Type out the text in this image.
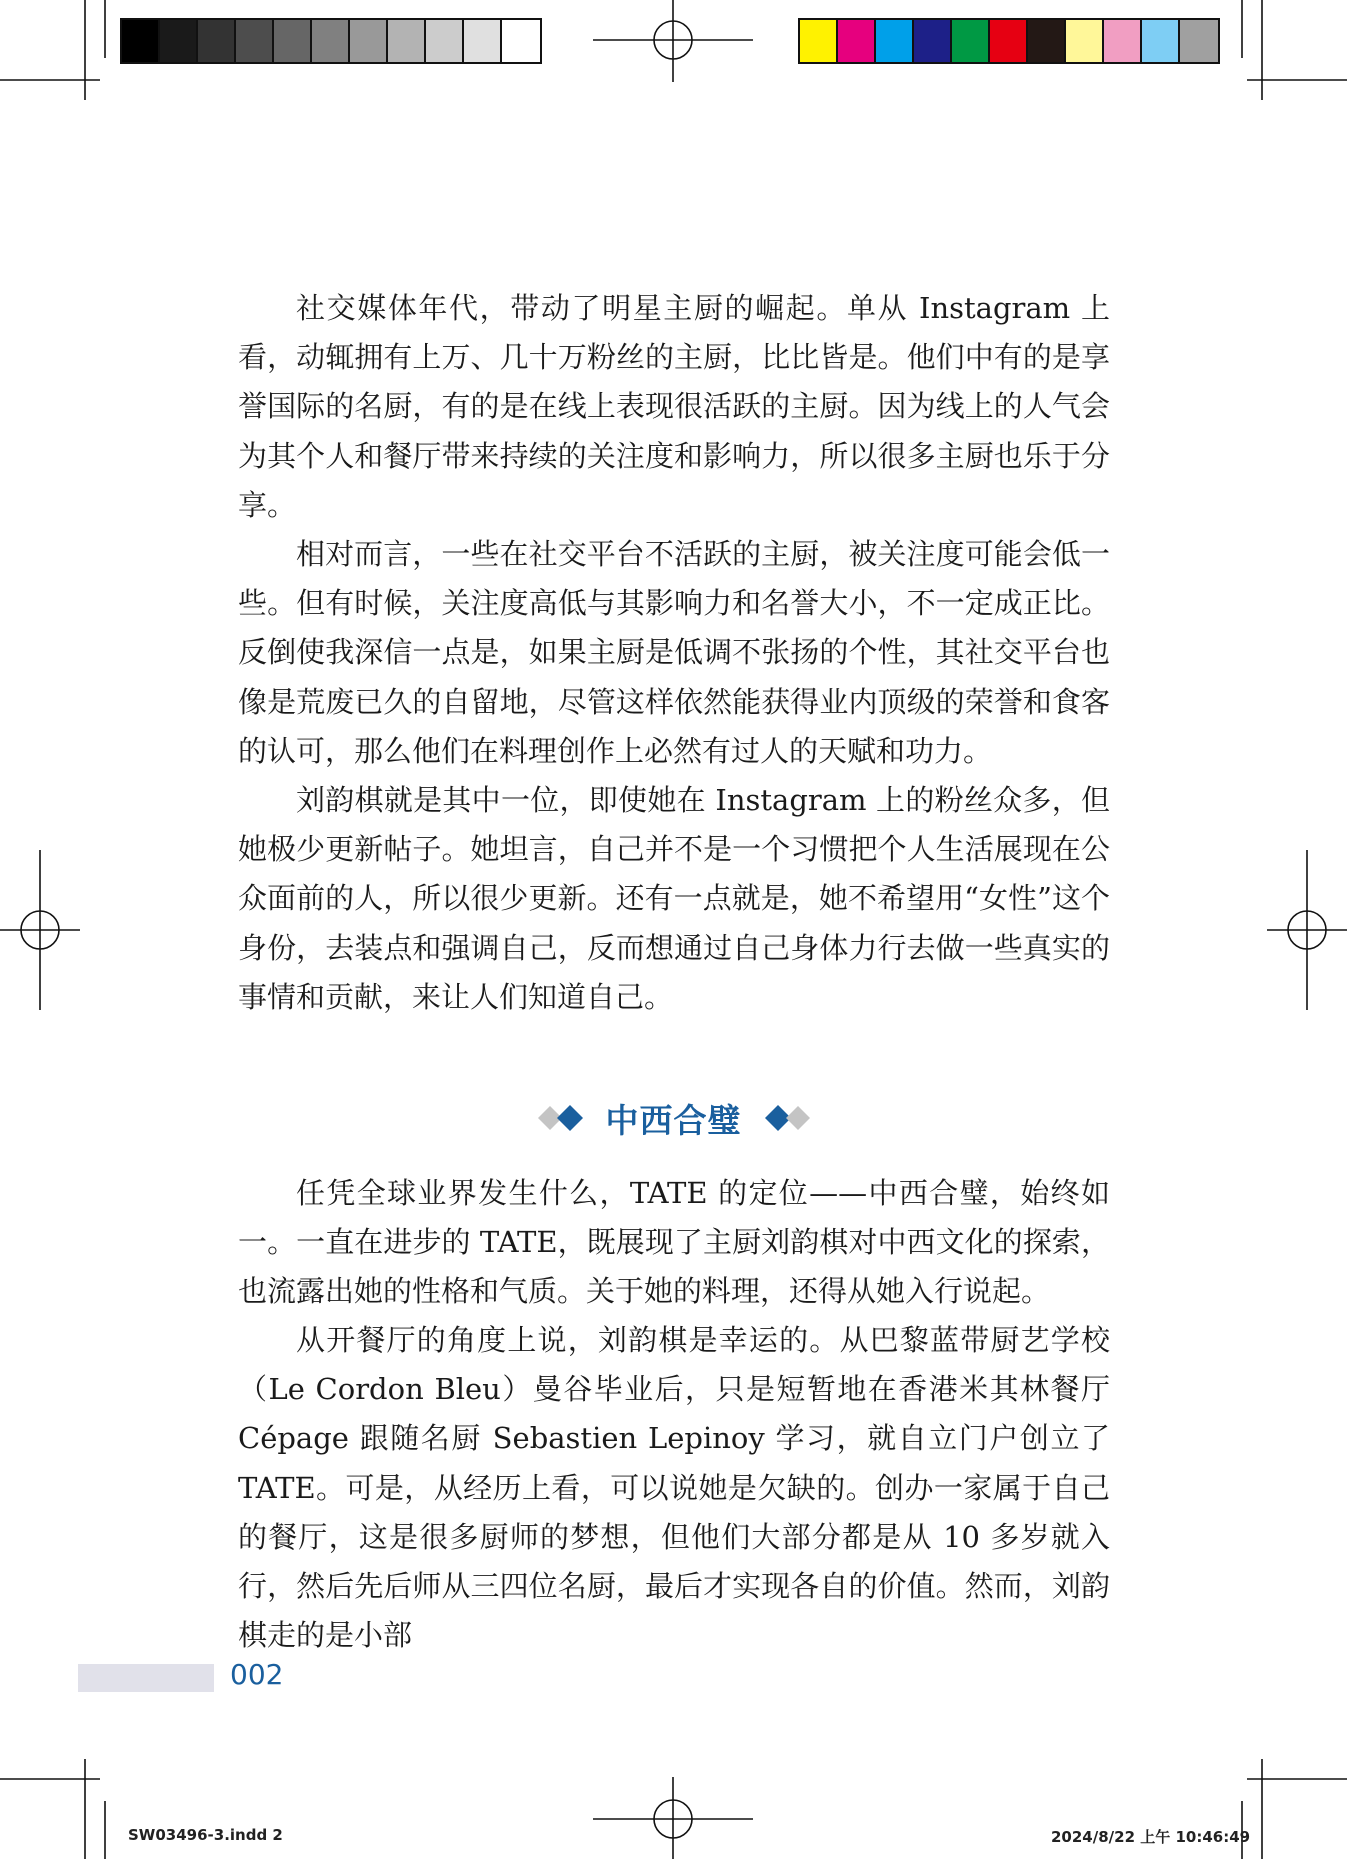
社交媒体年代，带动了明星主厨的崛起。单从 Instagram 上看，动辄拥有上万、几十万粉丝的主厨，比比皆是。他们中有的是享誉国际的名厨，有的是在线上表现很活跃的主厨。因为线上的人气会为其个人和餐厅带来持续的关注度和影响力，所以很多主厨也乐于分享。

相对而言，一些在社交平台不活跃的主厨，被关注度可能会低一些。但有时候，关注度高低与其影响力和名誉大小，不一定成正比。反倒使我深信一点是，如果主厨是低调不张扬的个性，其社交平台也像是荒废已久的自留地，尽管这样依然能获得业内顶级的荣誉和食客的认可，那么他们在料理创作上必然有过人的天赋和功力。

刘韵棋就是其中一位，即使她在 Instagram 上的粉丝众多，但她极少更新帖子。她坦言，自己并不是一个习惯把个人生活展现在公众面前的人，所以很少更新。还有一点就是，她不希望用“女性”这个身份，去装点和强调自己，反而想通过自己身体力行去做一些真实的事情和贡献，来让人们知道自己。

中西合璧

任凭全球业界发生什么，TATE 的定位——中西合璧，始终如一。一直在进步的 TATE，既展现了主厨刘韵棋对中西文化的探索，也流露出她的性格和气质。关于她的料理，还得从她入行说起。

从开餐厅的角度上说，刘韵棋是幸运的。从巴黎蓝带厨艺学校（Le Cordon Bleu）曼谷毕业后，只是短暂地在香港米其林餐厅 Cépage 跟随名厨 Sebastien Lepinoy 学习，就自立门户创立了 TATE。可是，从经历上看，可以说她是欠缺的。创办一家属于自己的餐厅，这是很多厨师的梦想，但他们大部分都是从 10 多岁就入行，然后先后师从三四位名厨，最后才实现各自的价值。然而，刘韵棋走的是小部

002
SW03496-3.indd 2	2024/8/22 上午 10:46:49
